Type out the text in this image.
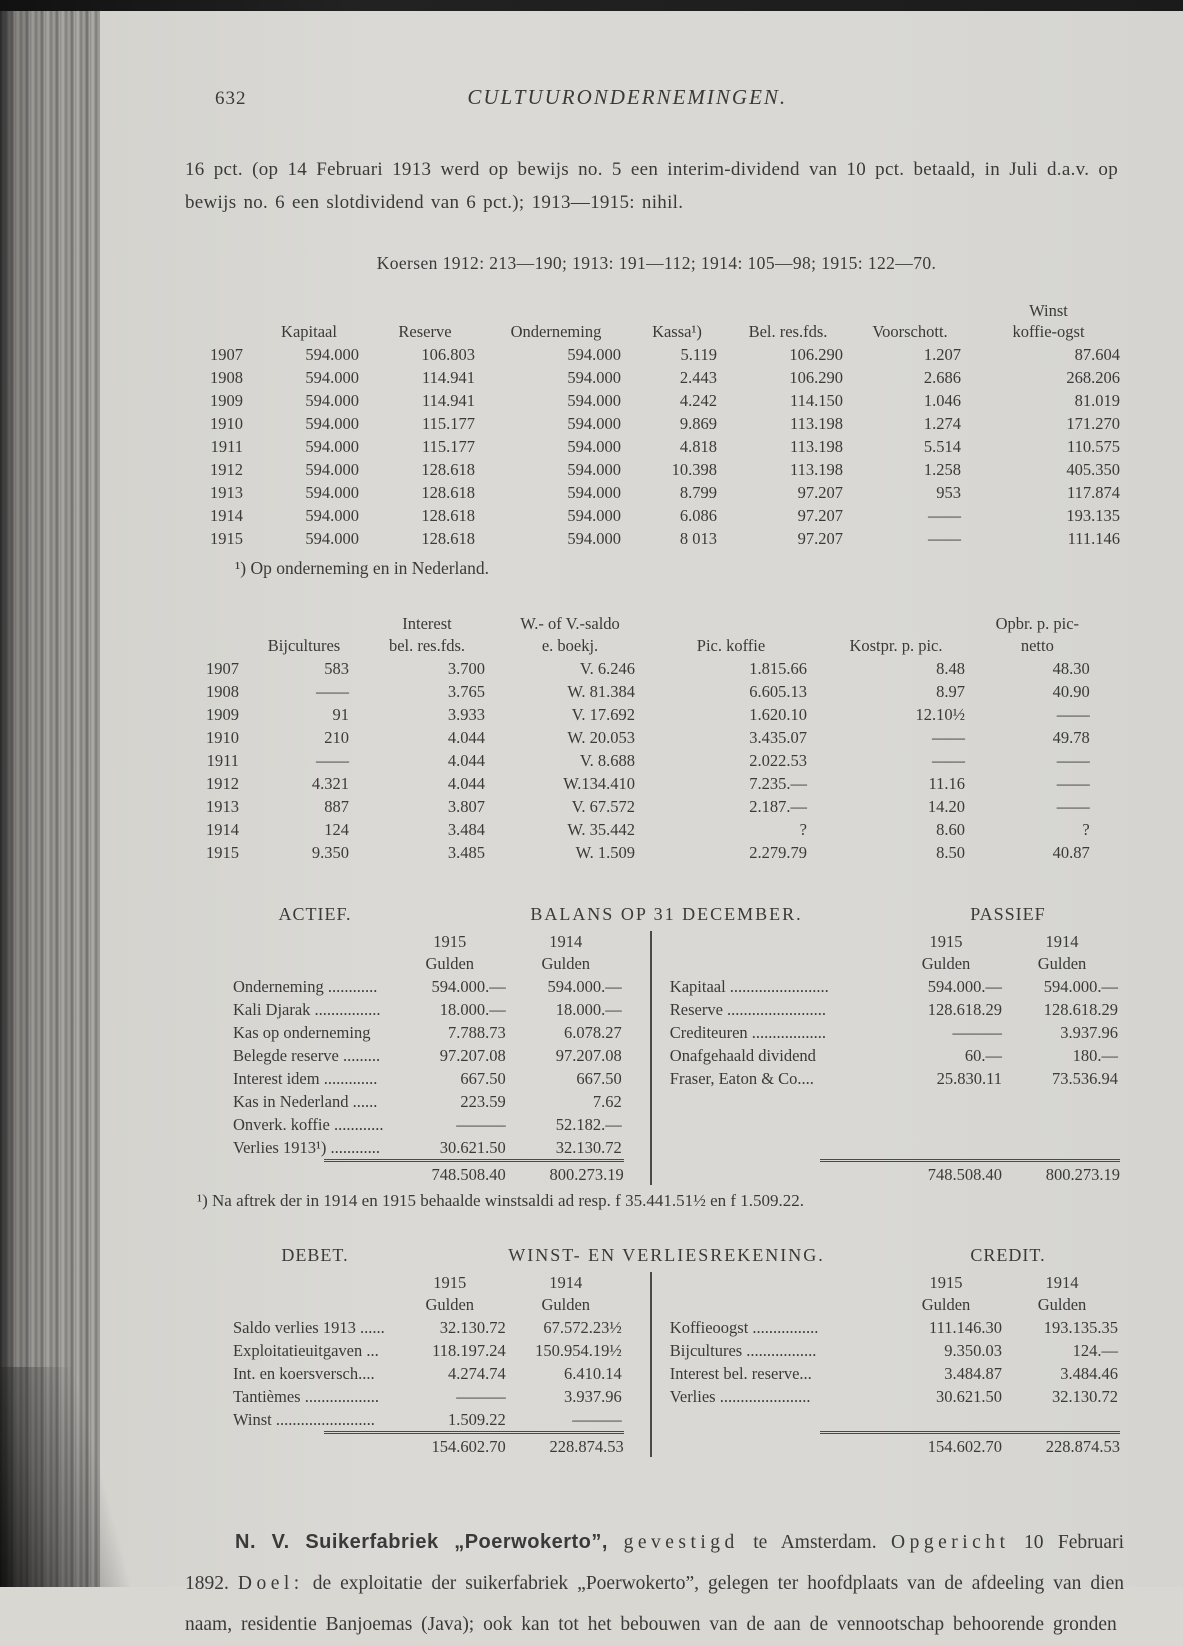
632	CULTUURONDERNEMINGEN.

16 pct. (op 14 Februari 1913 werd op bewijs no. 5 een interim-dividend van 10 pct. betaald, in Juli d.a.v. op bewijs no. 6 een slotdividend van 6 pct.); 1913—1915: nihil.

Koersen 1912: 213—190; 1913: 191—112; 1914: 105—98; 1915: 122—70.

							Winst
	Kapitaal	Reserve	Onderneming	Kassa¹)	Bel. res.fds.	Voorschott.	koffie-ogst
1907	594.000	106.803	594.000	5.119	106.290	1.207	87.604
1908	594.000	114.941	594.000	2.443	106.290	2.686	268.206
1909	594.000	114.941	594.000	4.242	114.150	1.046	81.019
1910	594.000	115.177	594.000	9.869	113.198	1.274	171.270
1911	594.000	115.177	594.000	4.818	113.198	5.514	110.575
1912	594.000	128.618	594.000	10.398	113.198	1.258	405.350
1913	594.000	128.618	594.000	8.799	97.207	953	117.874
1914	594.000	128.618	594.000	6.086	97.207	——	193.135
1915	594.000	128.618	594.000	8 013	97.207	——	111.146

¹) Op onderneming en in Nederland.

		Interest	W.- of V.-saldo			Opbr. p. pic-
	Bijcultures	bel. res.fds.	e. boekj.	Pic. koffie	Kostpr. p. pic.	netto
1907	583	3.700	V. 6.246	1.815.66	8.48	48.30
1908	——	3.765	W. 81.384	6.605.13	8.97	40.90
1909	91	3.933	V. 17.692	1.620.10	12.10½	——
1910	210	4.044	W. 20.053	3.435.07	——	49.78
1911	——	4.044	V. 8.688	2.022.53	——	——
1912	4.321	4.044	W.134.410	7.235.—	11.16	——
1913	887	3.807	V. 67.572	2.187.—	14.20	——
1914	124	3.484	W. 35.442	?	8.60	?
1915	9.350	3.485	W. 1.509	2.279.79	8.50	40.87
ACTIEF.	BALANS OP 31 DECEMBER.	PASSIEF
	1915	1914
	Gulden	Gulden
Onderneming ............	594.000.—	594.000.—
Kali Djarak ................	18.000.—	18.000.—
Kas op onderneming	7.788.73	6.078.27
Belegde reserve .........	97.207.08	97.207.08
Interest idem .............	667.50	667.50
Kas in Nederland ......	223.59	7.62
Onverk. koffie ............	———	52.182.—
Verlies 1913¹) ............	30.621.50	32.130.72
748.508.40	800.273.19
	1915	1914
	Gulden	Gulden
Kapitaal ........................	594.000.—	594.000.—
Reserve ........................	128.618.29	128.618.29
Crediteuren ..................	———	3.937.96
Onafgehaald dividend	60.—	180.—
Fraser, Eaton & Co....	25.830.11	73.536.94
748.508.40	800.273.19

¹) Na aftrek der in 1914 en 1915 behaalde winstsaldi ad resp. f 35.441.51½ en f 1.509.22.

DEBET.	WINST- EN VERLIESREKENING.	CREDIT.
	1915	1914
	Gulden	Gulden
Saldo verlies 1913 ......	32.130.72	67.572.23½
Exploitatieuitgaven ...	118.197.24	150.954.19½
Int. en koersversch....	4.274.74	6.410.14
Tantièmes ..................	———	3.937.96
Winst ........................	1.509.22	———
154.602.70	228.874.53
	1915	1914
	Gulden	Gulden
Koffieoogst ................	111.146.30	193.135.35
Bijcultures .................	9.350.03	124.—
Interest bel. reserve...	3.484.87	3.484.46
Verlies ......................	30.621.50	32.130.72
154.602.70	228.874.53

N. V. Suikerfabriek „Poerwokerto”, gevestigd te Amsterdam. Opgericht 10 Februari 1892. Doel: de exploitatie der suikerfabriek „Poerwokerto”, gelegen ter hoofdplaats van de afdeeling van dien naam, residentie Banjoemas (Java); ook kan tot het bebouwen van de aan de vennootschap behoorende gronden
